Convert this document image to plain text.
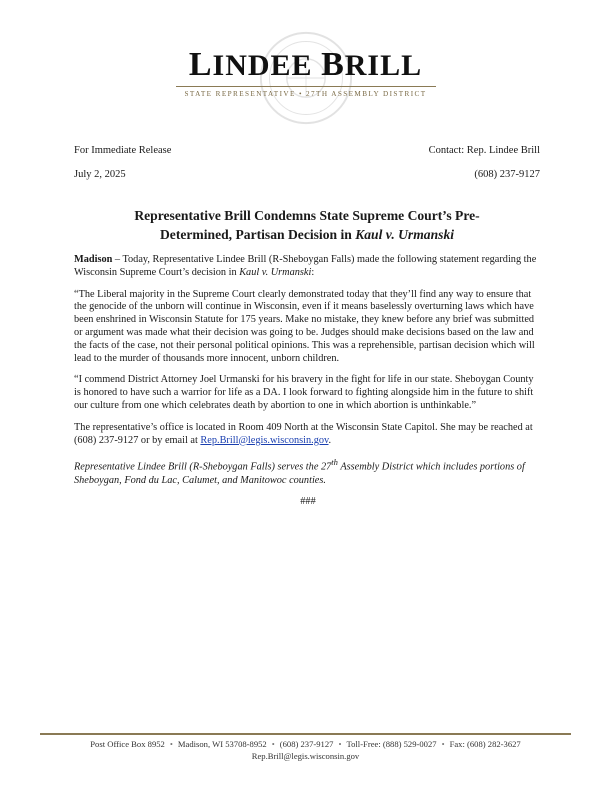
LINDEE BRILL
STATE REPRESENTATIVE • 27TH ASSEMBLY DISTRICT
For Immediate Release
July 2, 2025
Contact: Rep. Lindee Brill
(608) 237-9127
Representative Brill Condemns State Supreme Court’s Pre-
Determined, Partisan Decision in Kaul v. Urmanski

Madison – Today, Representative Lindee Brill (R-Sheboygan Falls) made the following statement regarding the Wisconsin Supreme Court’s decision in Kaul v. Urmanski:

“The Liberal majority in the Supreme Court clearly demonstrated today that they’ll find any way to ensure that the genocide of the unborn will continue in Wisconsin, even if it means baselessly overturning laws which have been enshrined in Wisconsin Statute for 175 years. Make no mistake, they knew before any brief was submitted or argument was made what their decision was going to be. Judges should make decisions based on the law and the facts of the case, not their personal political opinions. This was a reprehensible, partisan decision which will lead to the murder of thousands more innocent, unborn children.

“I commend District Attorney Joel Urmanski for his bravery in the fight for life in our state. Sheboygan County is honored to have such a warrior for life as a DA. I look forward to fighting alongside him in the future to shift our culture from one which celebrates death by abortion to one in which abortion is unthinkable.”

The representative’s office is located in Room 409 North at the Wisconsin State Capitol. She may be reached at (608) 237-9127 or by email at Rep.Brill@legis.wisconsin.gov.

Representative Lindee Brill (R-Sheboygan Falls) serves the 27th Assembly District which includes portions of Sheboygan, Fond du Lac, Calumet, and Manitowoc counties.

###
Post Office Box 8952 • Madison, WI 53708-8952 • (608) 237-9127 • Toll-Free: (888) 529-0027 • Fax: (608) 282-3627
Rep.Brill@legis.wisconsin.gov
